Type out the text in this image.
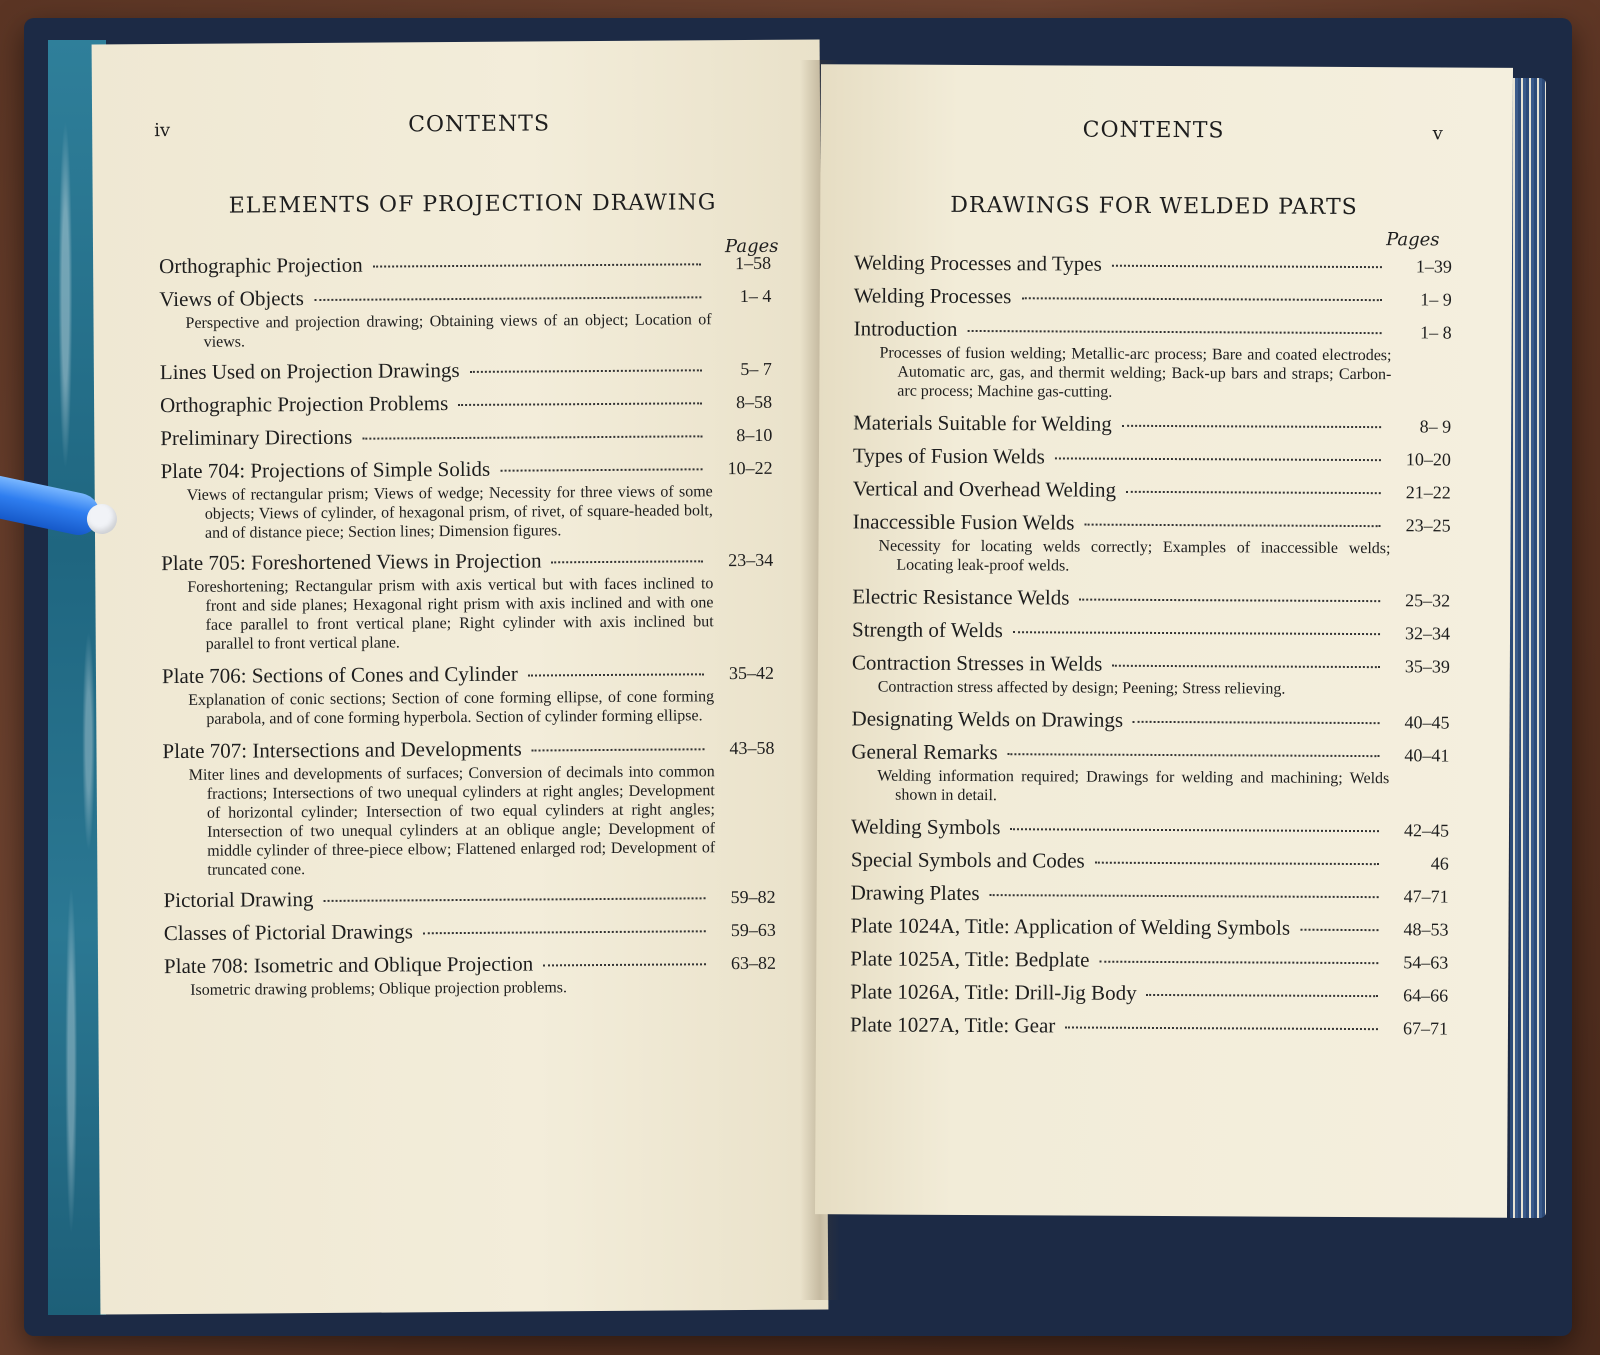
iv	CONTENTS
ELEMENTS OF PROJECTION DRAWING
Pages
Orthographic Projection	1–58
Views of Objects	1– 4
Perspective and projection drawing; Obtaining views of an object; Location of views.
Lines Used on Projection Drawings	5– 7
Orthographic Projection Problems	8–58
Preliminary Directions	8–10
Plate 704: Projections of Simple Solids	10–22
Views of rectangular prism; Views of wedge; Necessity for three views of some objects; Views of cylinder, of hexagonal prism, of rivet, of square-headed bolt, and of distance piece; Section lines; Dimension figures.
Plate 705: Foreshortened Views in Projection	23–34
Foreshortening; Rectangular prism with axis vertical but with faces inclined to front and side planes; Hexagonal right prism with axis inclined and with one face parallel to front vertical plane; Right cylinder with axis inclined but parallel to front vertical plane.
Plate 706: Sections of Cones and Cylinder	35–42
Explanation of conic sections; Section of cone forming ellipse, of cone forming parabola, and of cone forming hyperbola. Section of cylinder forming ellipse.
Plate 707: Intersections and Developments	43–58
Miter lines and developments of surfaces; Conversion of decimals into common fractions; Intersections of two unequal cylinders at right angles; Development of horizontal cylinder; Intersection of two equal cylinders at right angles; Intersection of two unequal cylinders at an oblique angle; Development of middle cylinder of three-piece elbow; Flattened enlarged rod; Development of truncated cone.
Pictorial Drawing	59–82
Classes of Pictorial Drawings	59–63
Plate 708: Isometric and Oblique Projection	63–82
Isometric drawing problems; Oblique projection problems.
CONTENTS	v
DRAWINGS FOR WELDED PARTS
Pages
Welding Processes and Types	1–39
Welding Processes	1– 9
Introduction	1– 8
Processes of fusion welding; Metallic-arc process; Bare and coated electrodes; Automatic arc, gas, and thermit welding; Back-up bars and straps; Carbon-arc process; Machine gas-cutting.
Materials Suitable for Welding	8– 9
Types of Fusion Welds	10–20
Vertical and Overhead Welding	21–22
Inaccessible Fusion Welds	23–25
Necessity for locating welds correctly; Examples of inaccessible welds; Locating leak-proof welds.
Electric Resistance Welds	25–32
Strength of Welds	32–34
Contraction Stresses in Welds	35–39
Contraction stress affected by design; Peening; Stress relieving.
Designating Welds on Drawings	40–45
General Remarks	40–41
Welding information required; Drawings for welding and machining; Welds shown in detail.
Welding Symbols	42–45
Special Symbols and Codes	46
Drawing Plates	47–71
Plate 1024A, Title: Application of Welding Symbols	48–53
Plate 1025A, Title: Bedplate	54–63
Plate 1026A, Title: Drill-Jig Body	64–66
Plate 1027A, Title: Gear	67–71
